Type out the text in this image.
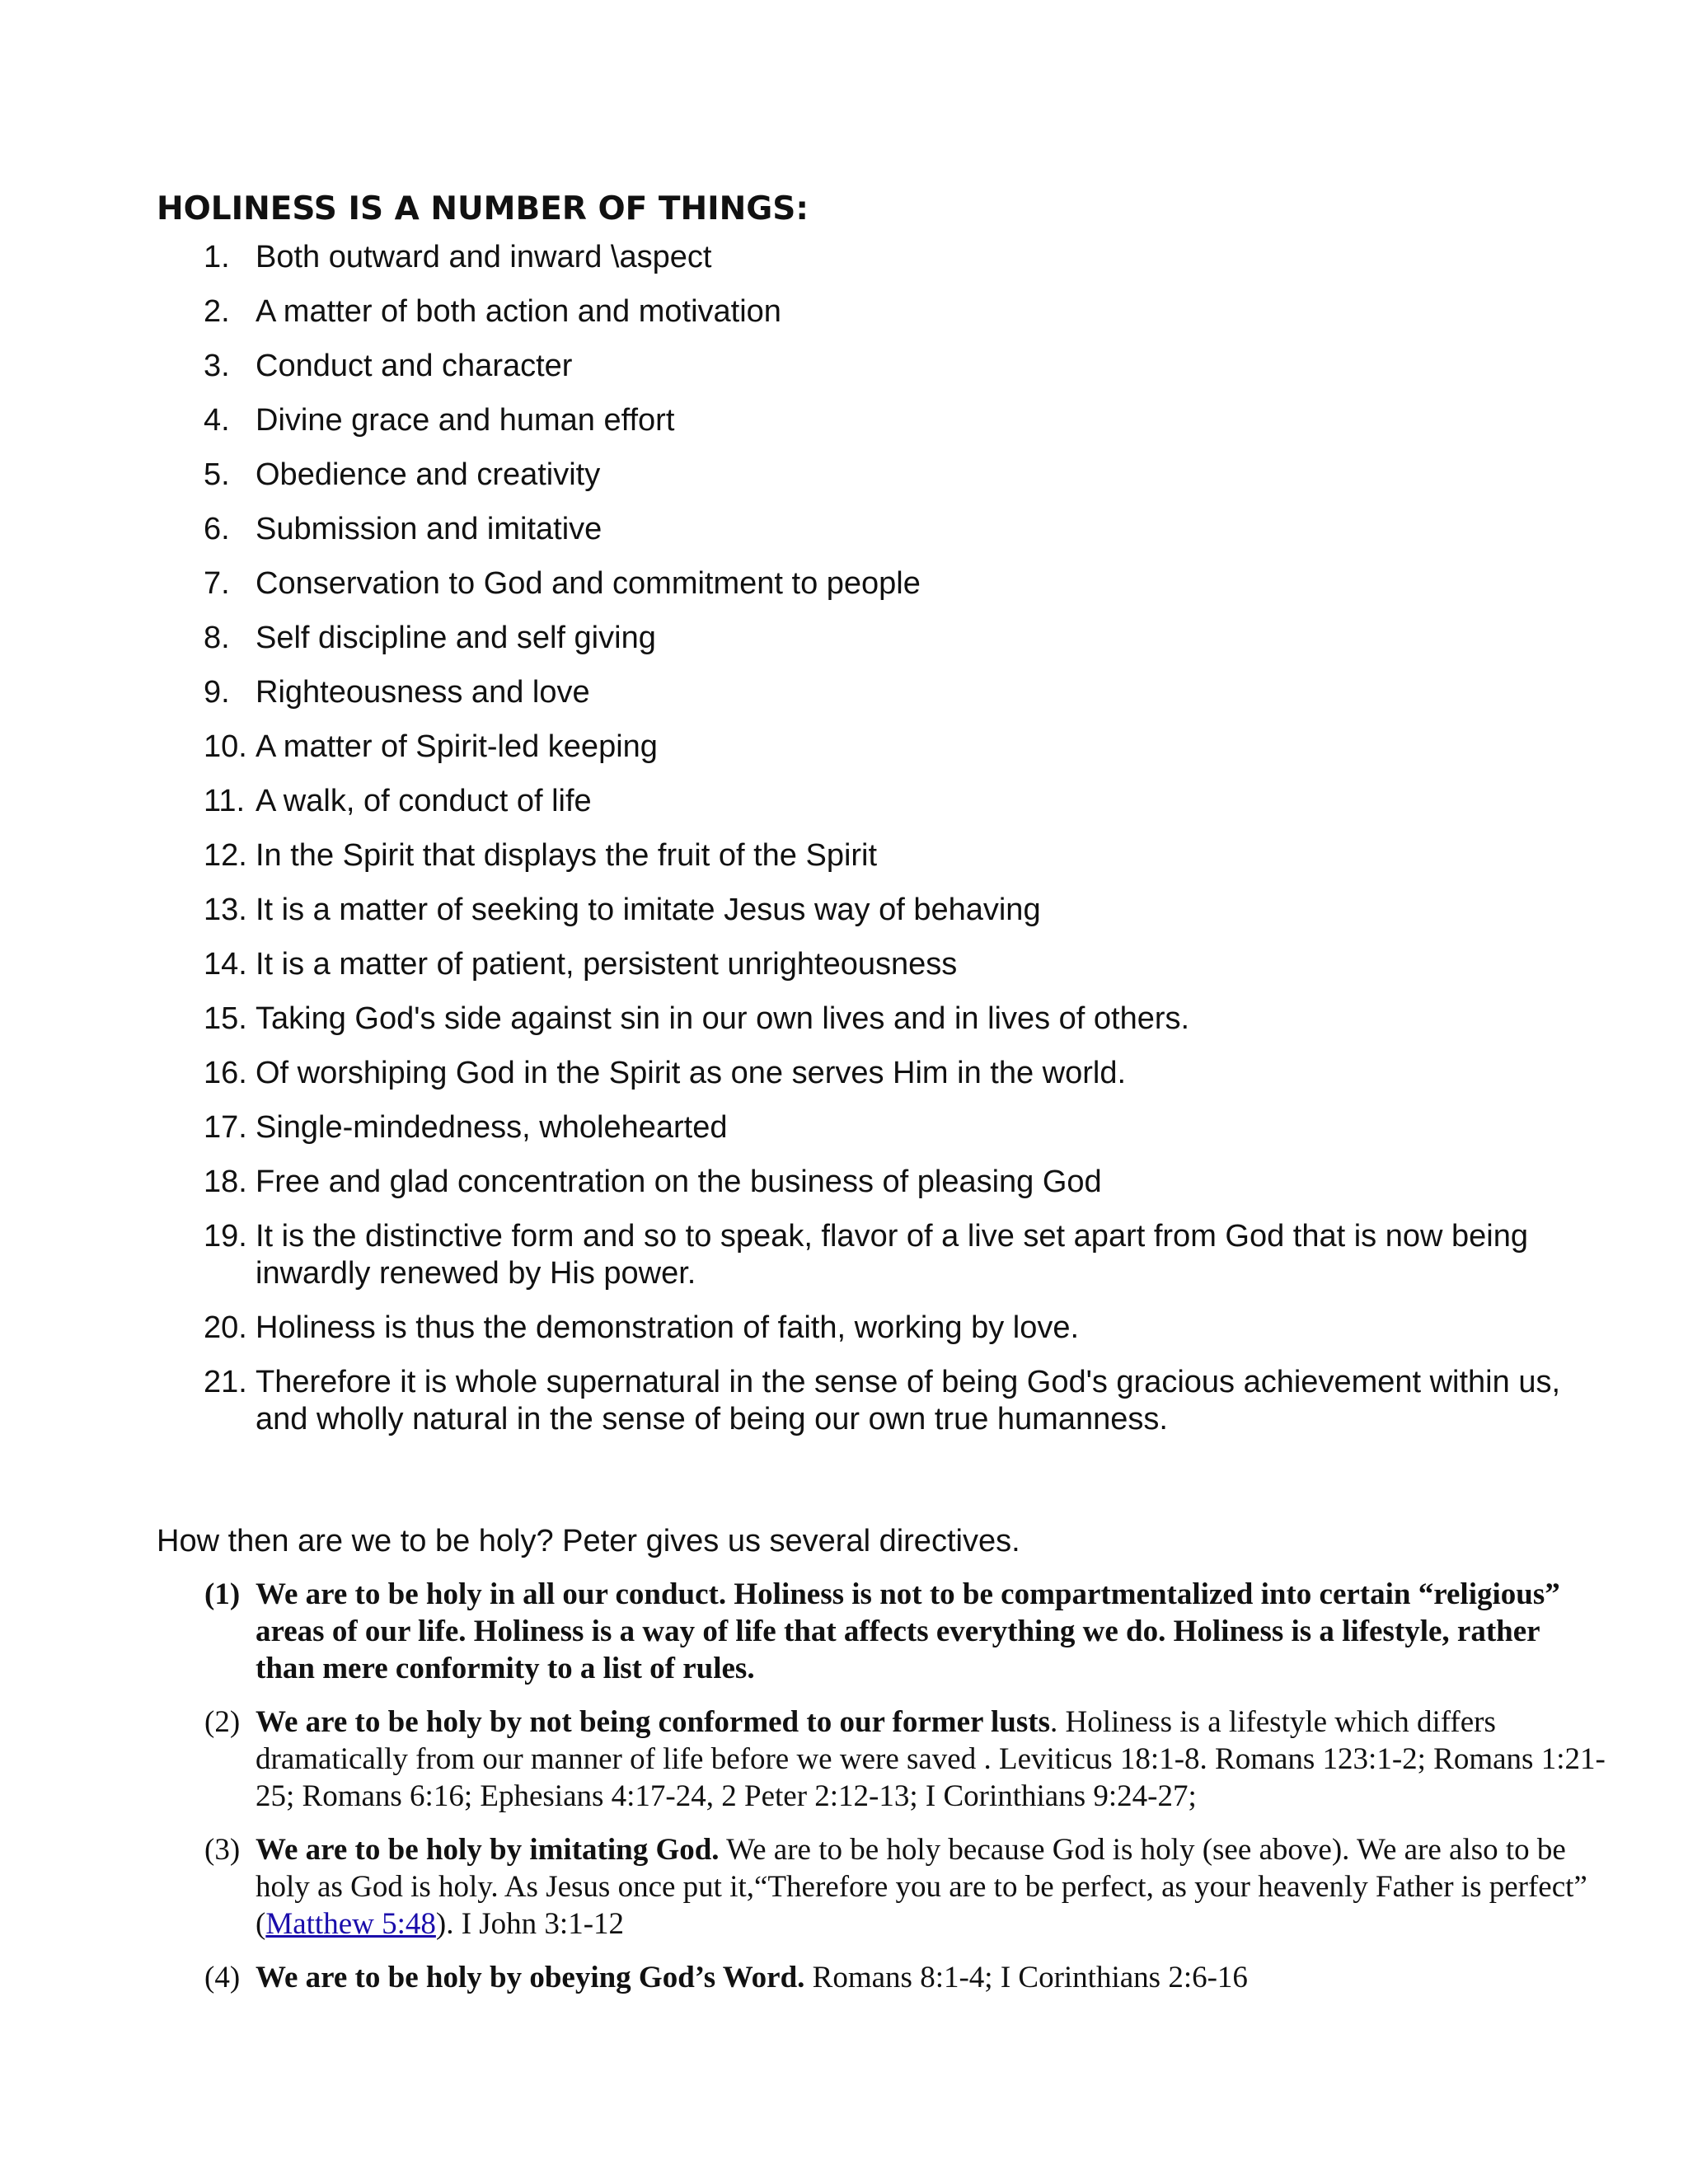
HOLINESS IS A NUMBER OF THINGS:
1. Both outward and inward \aspect
2. A matter of both action and motivation
3. Conduct and character
4. Divine grace and human effort
5. Obedience and creativity
6. Submission and imitative
7. Conservation to God and commitment to people
8. Self discipline and self giving
9. Righteousness and love
10. A matter of Spirit-led keeping
11. A walk, of conduct of life
12. In the Spirit that displays the fruit of the Spirit
13. It is a matter of seeking to imitate Jesus way of behaving
14. It is a matter of patient, persistent unrighteousness
15. Taking God's side against sin in our own lives and in lives of others.
16. Of worshiping God in the Spirit as one serves Him in the world.
17. Single-mindedness, wholehearted
18. Free and glad concentration on the business of pleasing God
19. It is the distinctive form and so to speak, flavor of a live set apart from God that is now being inwardly renewed by His power.
20. Holiness is thus the demonstration of faith, working by love.
21. Therefore it is whole supernatural in the sense of being God's gracious achievement within us, and wholly natural in the sense of being our own true humanness.

How then are we to be holy? Peter gives us several directives.

(1) We are to be holy in all our conduct. Holiness is not to be compartmentalized into certain “religious” areas of our life. Holiness is a way of life that affects everything we do. Holiness is a lifestyle, rather than mere conformity to a list of rules.
(2) We are to be holy by not being conformed to our former lusts. Holiness is a lifestyle which differs dramatically from our manner of life before we were saved . Leviticus 18:1-8. Romans 123:1-2; Romans 1:21-25; Romans 6:16; Ephesians 4:17-24, 2 Peter 2:12-13; I Corinthians 9:24-27;
(3) We are to be holy by imitating God. We are to be holy because God is holy (see above). We are also to be holy as God is holy. As Jesus once put it,“Therefore you are to be perfect, as your heavenly Father is perfect” (Matthew 5:48). I John 3:1-12
(4) We are to be holy by obeying God’s Word. Romans 8:1-4; I Corinthians 2:6-16
